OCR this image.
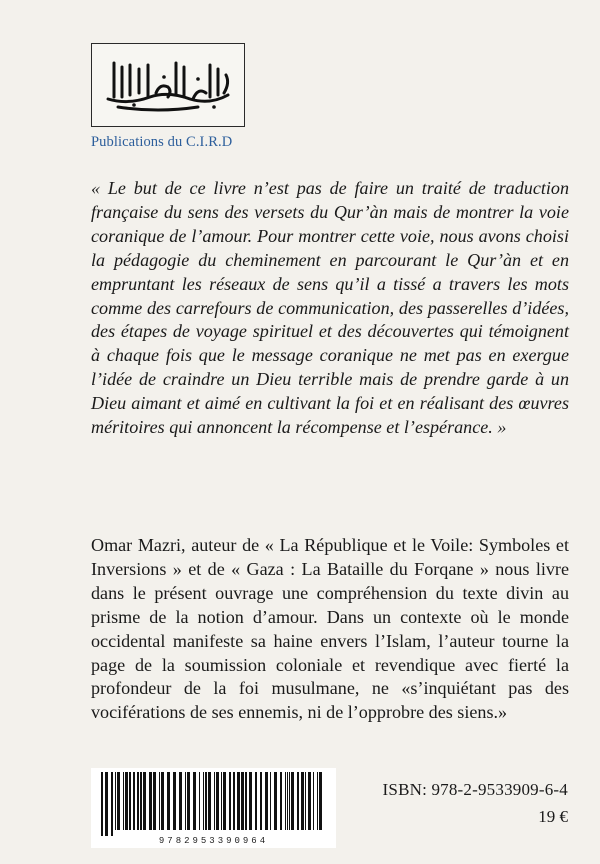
Publications du C.I.R.D

« Le but de ce livre n’est pas de faire un traité de traduction française du sens des versets du Qur’àn mais de montrer la voie coranique de l’amour. Pour montrer cette voie, nous avons choisi la pédagogie du cheminement en parcourant le Qur’àn et en empruntant les réseaux de sens qu’il a tissé a travers les mots comme des carrefours de communication, des passerelles d’idées, des étapes de voyage spirituel et des découvertes qui témoignent à chaque fois que le message coranique ne met pas en exergue l’idée de craindre un Dieu terrible mais de prendre garde à un Dieu aimant et aimé en cultivant la foi et en réalisant des œuvres méritoires qui annoncent la récompense et l’espérance. »

Omar Mazri, auteur de « La République et le Voile: Symboles et Inversions » et de « Gaza : La Bataille du Forqane » nous livre dans le présent ouvrage une compréhension du texte divin au prisme de la notion d’amour. Dans un contexte où le monde occidental manifeste sa haine envers l’Islam, l’auteur tourne la page de la soumission coloniale et revendique avec fierté la profondeur de la foi musulmane, ne «s’inquiétant pas des vociférations de ses ennemis, ni de l’opprobre des siens.»

9782953390964
ISBN: 978-2-9533909-6-4
19 €
